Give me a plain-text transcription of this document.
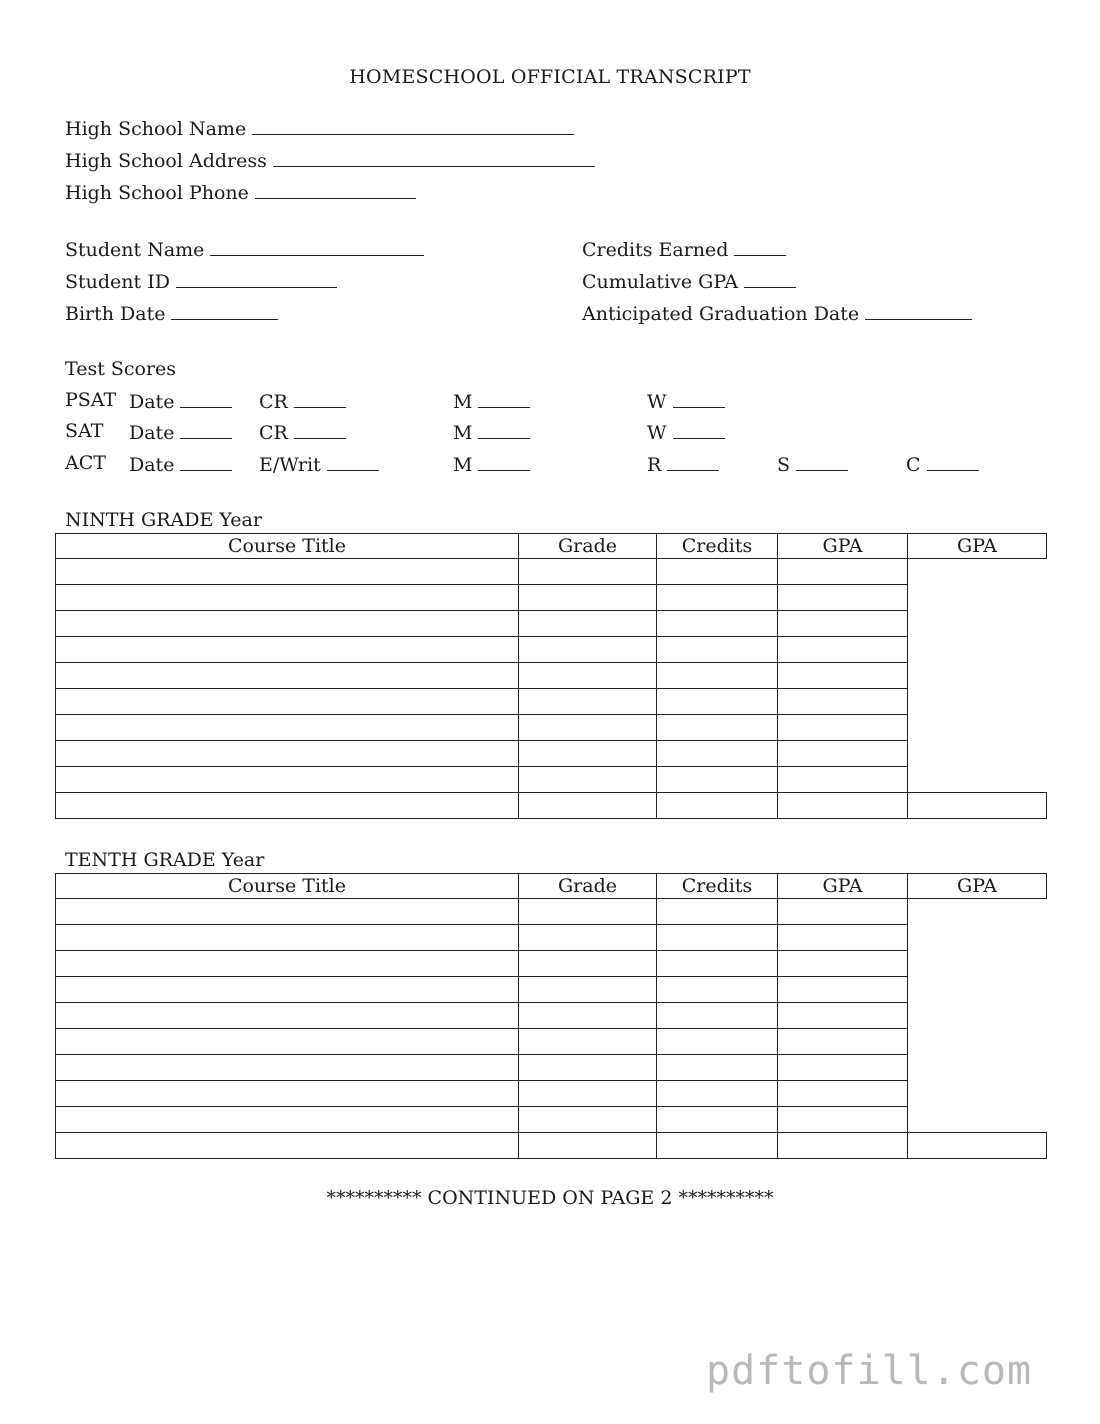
HOMESCHOOL OFFICIAL TRANSCRIPT
High School Name
High School Address
High School Phone
Student Name
Student ID
Birth Date
Credits Earned
Cumulative GPA
Anticipated Graduation Date
Test Scores
PSAT Date	CR	M	W
SAT Date	CR	M	W
ACT Date	E/Writ	M	R	S	C
NINTH GRADE Year
Course Title	Grade	Credits	GPA	GPA

TENTH GRADE Year
Course Title	Grade	Credits	GPA	GPA

********** CONTINUED ON PAGE 2 **********
pdftofill.com
